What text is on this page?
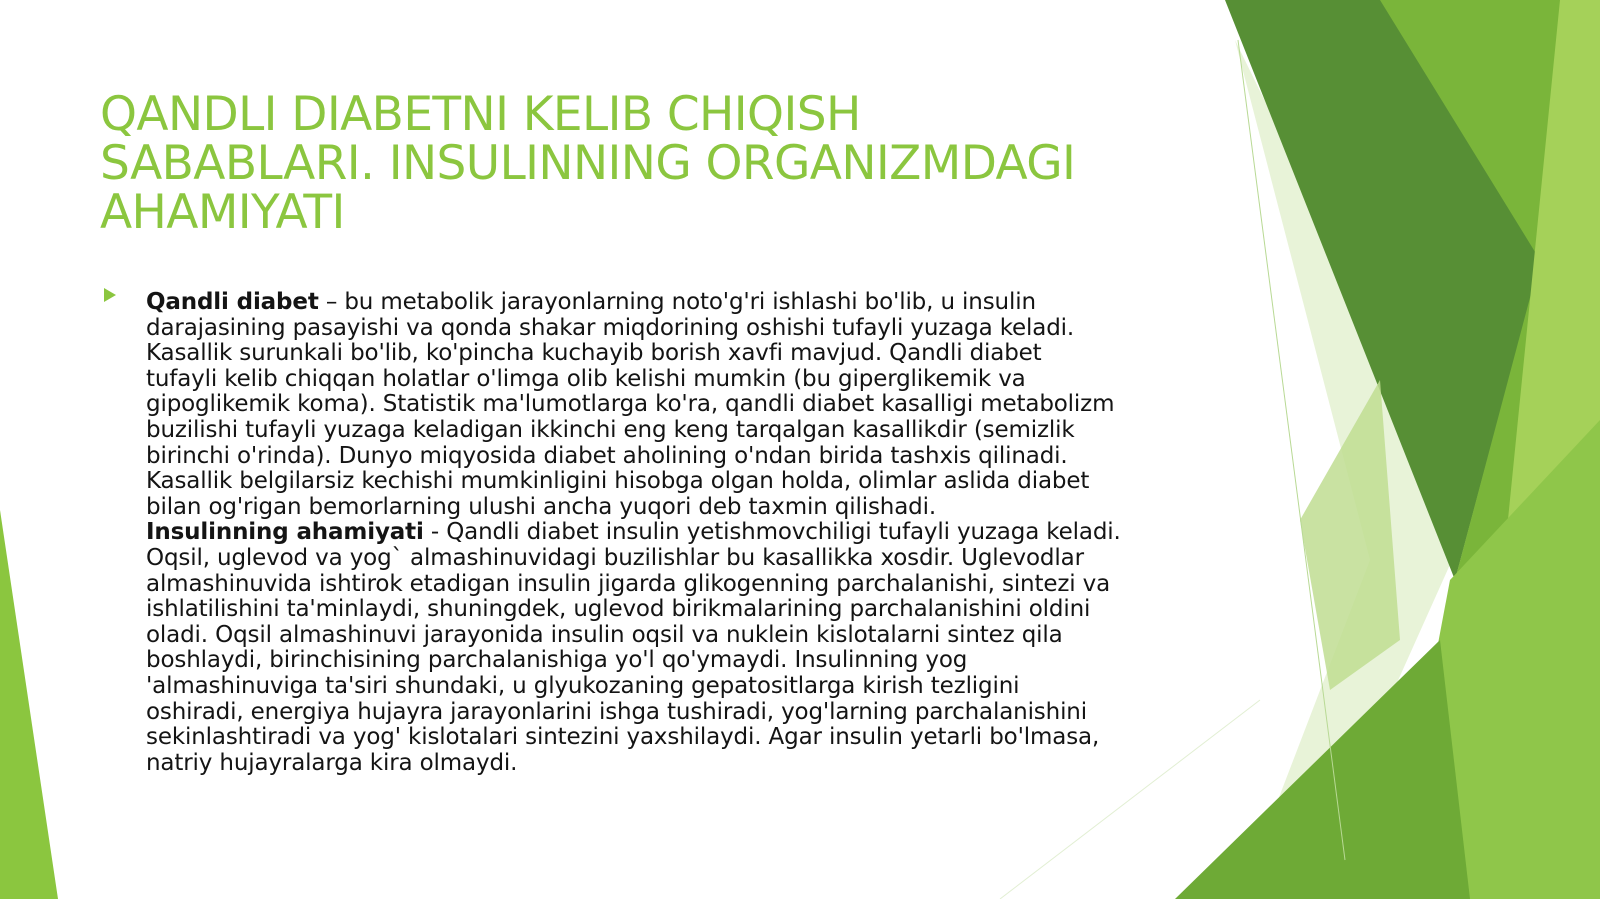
QANDLI DIABETNI KELIB CHIQISH
SABABLARI. INSULINNING ORGANIZMDAGI
AHAMIYATI
Qandli diabet – bu metabolik jarayonlarning noto'g'ri ishlashi bo'lib, u insulin
darajasining pasayishi va qonda shakar miqdorining oshishi tufayli yuzaga keladi.
Kasallik surunkali bo'lib, ko'pincha kuchayib borish xavfi mavjud. Qandli diabet
tufayli kelib chiqqan holatlar o'limga olib kelishi mumkin (bu giperglikemik va
gipoglikemik koma). Statistik ma'lumotlarga ko'ra, qandli diabet kasalligi metabolizm
buzilishi tufayli yuzaga keladigan ikkinchi eng keng tarqalgan kasallikdir (semizlik
birinchi o'rinda). Dunyo miqyosida diabet aholining o'ndan birida tashxis qilinadi.
Kasallik belgilarsiz kechishi mumkinligini hisobga olgan holda, olimlar aslida diabet
bilan og'rigan bemorlarning ulushi ancha yuqori deb taxmin qilishadi.
Insulinning ahamiyati - Qandli diabet insulin yetishmovchiligi tufayli yuzaga keladi.
Oqsil, uglevod va yog` almashinuvidagi buzilishlar bu kasallikka xosdir. Uglevodlar
almashinuvida ishtirok etadigan insulin jigarda glikogenning parchalanishi, sintezi va
ishlatilishini ta'minlaydi, shuningdek, uglevod birikmalarining parchalanishini oldini
oladi. Oqsil almashinuvi jarayonida insulin oqsil va nuklein kislotalarni sintez qila
boshlaydi, birinchisining parchalanishiga yo'l qo'ymaydi. Insulinning yog
'almashinuviga ta'siri shundaki, u glyukozaning gepatositlarga kirish tezligini
oshiradi, energiya hujayra jarayonlarini ishga tushiradi, yog'larning parchalanishini
sekinlashtiradi va yog' kislotalari sintezini yaxshilaydi. Agar insulin yetarli bo'lmasa,
natriy hujayralarga kira olmaydi.
